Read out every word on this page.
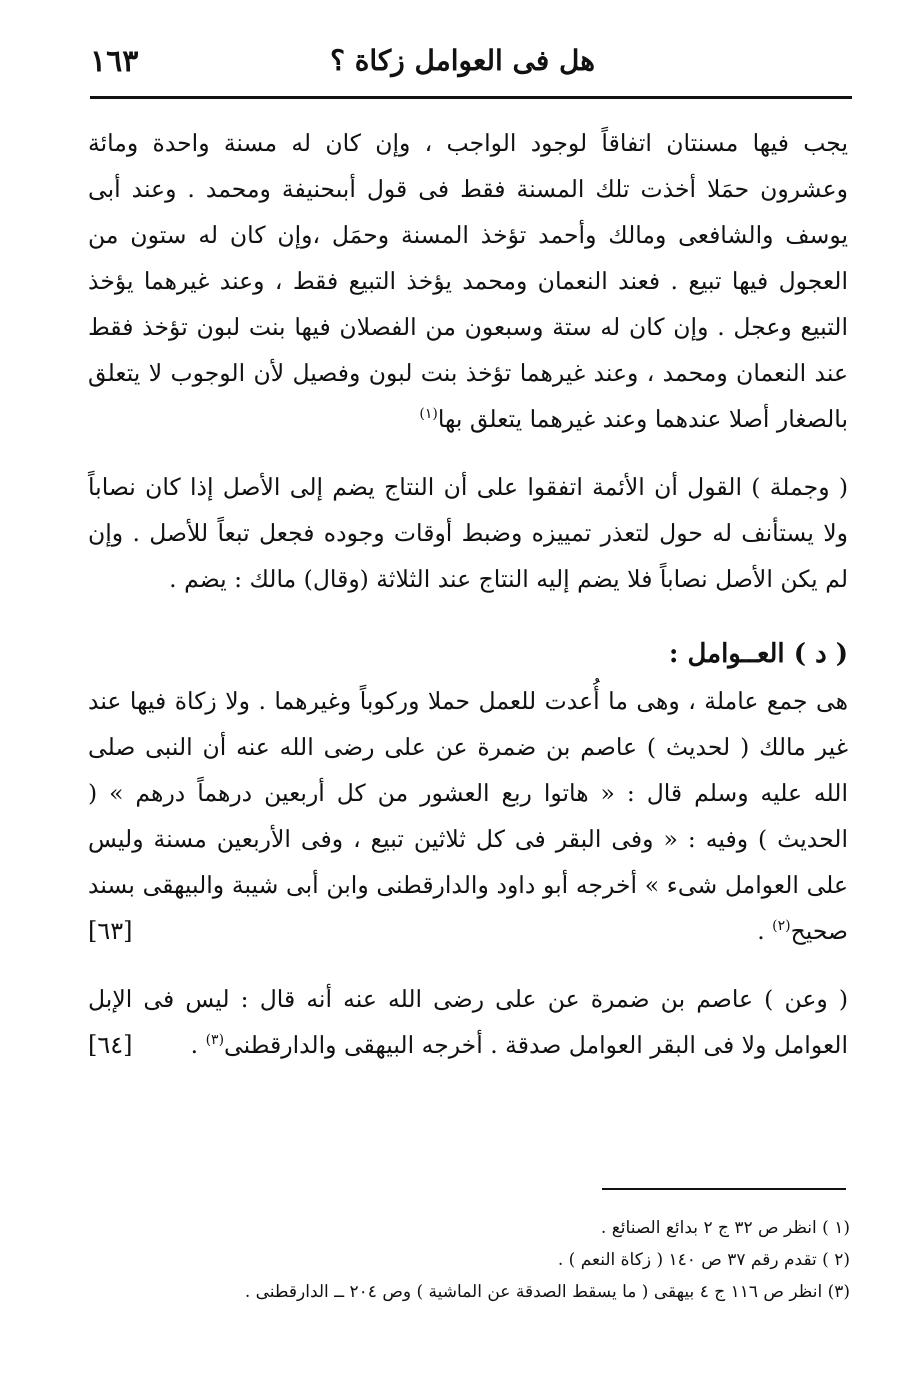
هل فى العوامل زكاة ؟
١٦٣

يجب فيها مسنتان اتفاقاً لوجود الواجب ، وإن كان له مسنة واحدة ومائة وعشرون حمَلا أخذت تلك المسنة فقط فى قول أبىحنيفة ومحمد . وعند أبى يوسف والشافعى ومالك وأحمد تؤخذ المسنة وحمَل ،وإن كان له ستون من العجول فيها تبيع . فعند النعمان ومحمد يؤخذ التبيع فقط ، وعند غيرهما يؤخذ التبيع وعجل . وإن كان له ستة وسبعون من الفصلان فيها بنت لبون تؤخذ فقط عند النعمان ومحمد ، وعند غيرهما تؤخذ بنت لبون وفصيل لأن الوجوب لا يتعلق بالصغار أصلا عندهما وعند غيرهما يتعلق بها$^{(١)}$

( وجملة ) القول أن الأئمة اتفقوا على أن النتاج يضم إلى الأصل إذا كان نصاباً ولا يستأنف له حول لتعذر تمييزه وضبط أوقات وجوده فجعل تبعاً للأصل . وإن لم يكن الأصل نصاباً فلا يضم إليه النتاج عند الثلاثة (وقال) مالك : يضم .

( د ) العــوامل :

هى جمع عاملة ، وهى ما أُعدت للعمل حملا وركوباً وغيرهما . ولا زكاة فيها عند غير مالك ( لحديث ) عاصم بن ضمرة عن على رضى الله عنه أن النبى صلى الله عليه وسلم قال : « هاتوا ربع العشور من كل أربعين درهماً درهم » ( الحديث ) وفيه : « وفى البقر فى كل ثلاثين تبيع ، وفى الأربعين مسنة وليس على العوامل شىء » أخرجه أبو داود والدارقطنى وابن أبى شيبة والبيهقى بسند صحيح$^{(٢)}$ .
[٦٣]

( وعن ) عاصم بن ضمرة عن على رضى الله عنه أنه قال : ليس فى الإبل العوامل ولا فى البقر العوامل صدقة . أخرجه البيهقى والدارقطنى$^{(٣)}$ .
[٦٤]

(١ ) انظر ص ٣٢ ج ٢ بدائع الصنائع .
(٢ ) تقدم رقم ٣٧ ص ١٤٠ ( زكاة النعم ) .
(٣) انظر ص ١١٦ ج ٤ بيهقى ( ما يسقط الصدقة عن الماشية ) وص ٢٠٤ ــ الدارقطنى .
